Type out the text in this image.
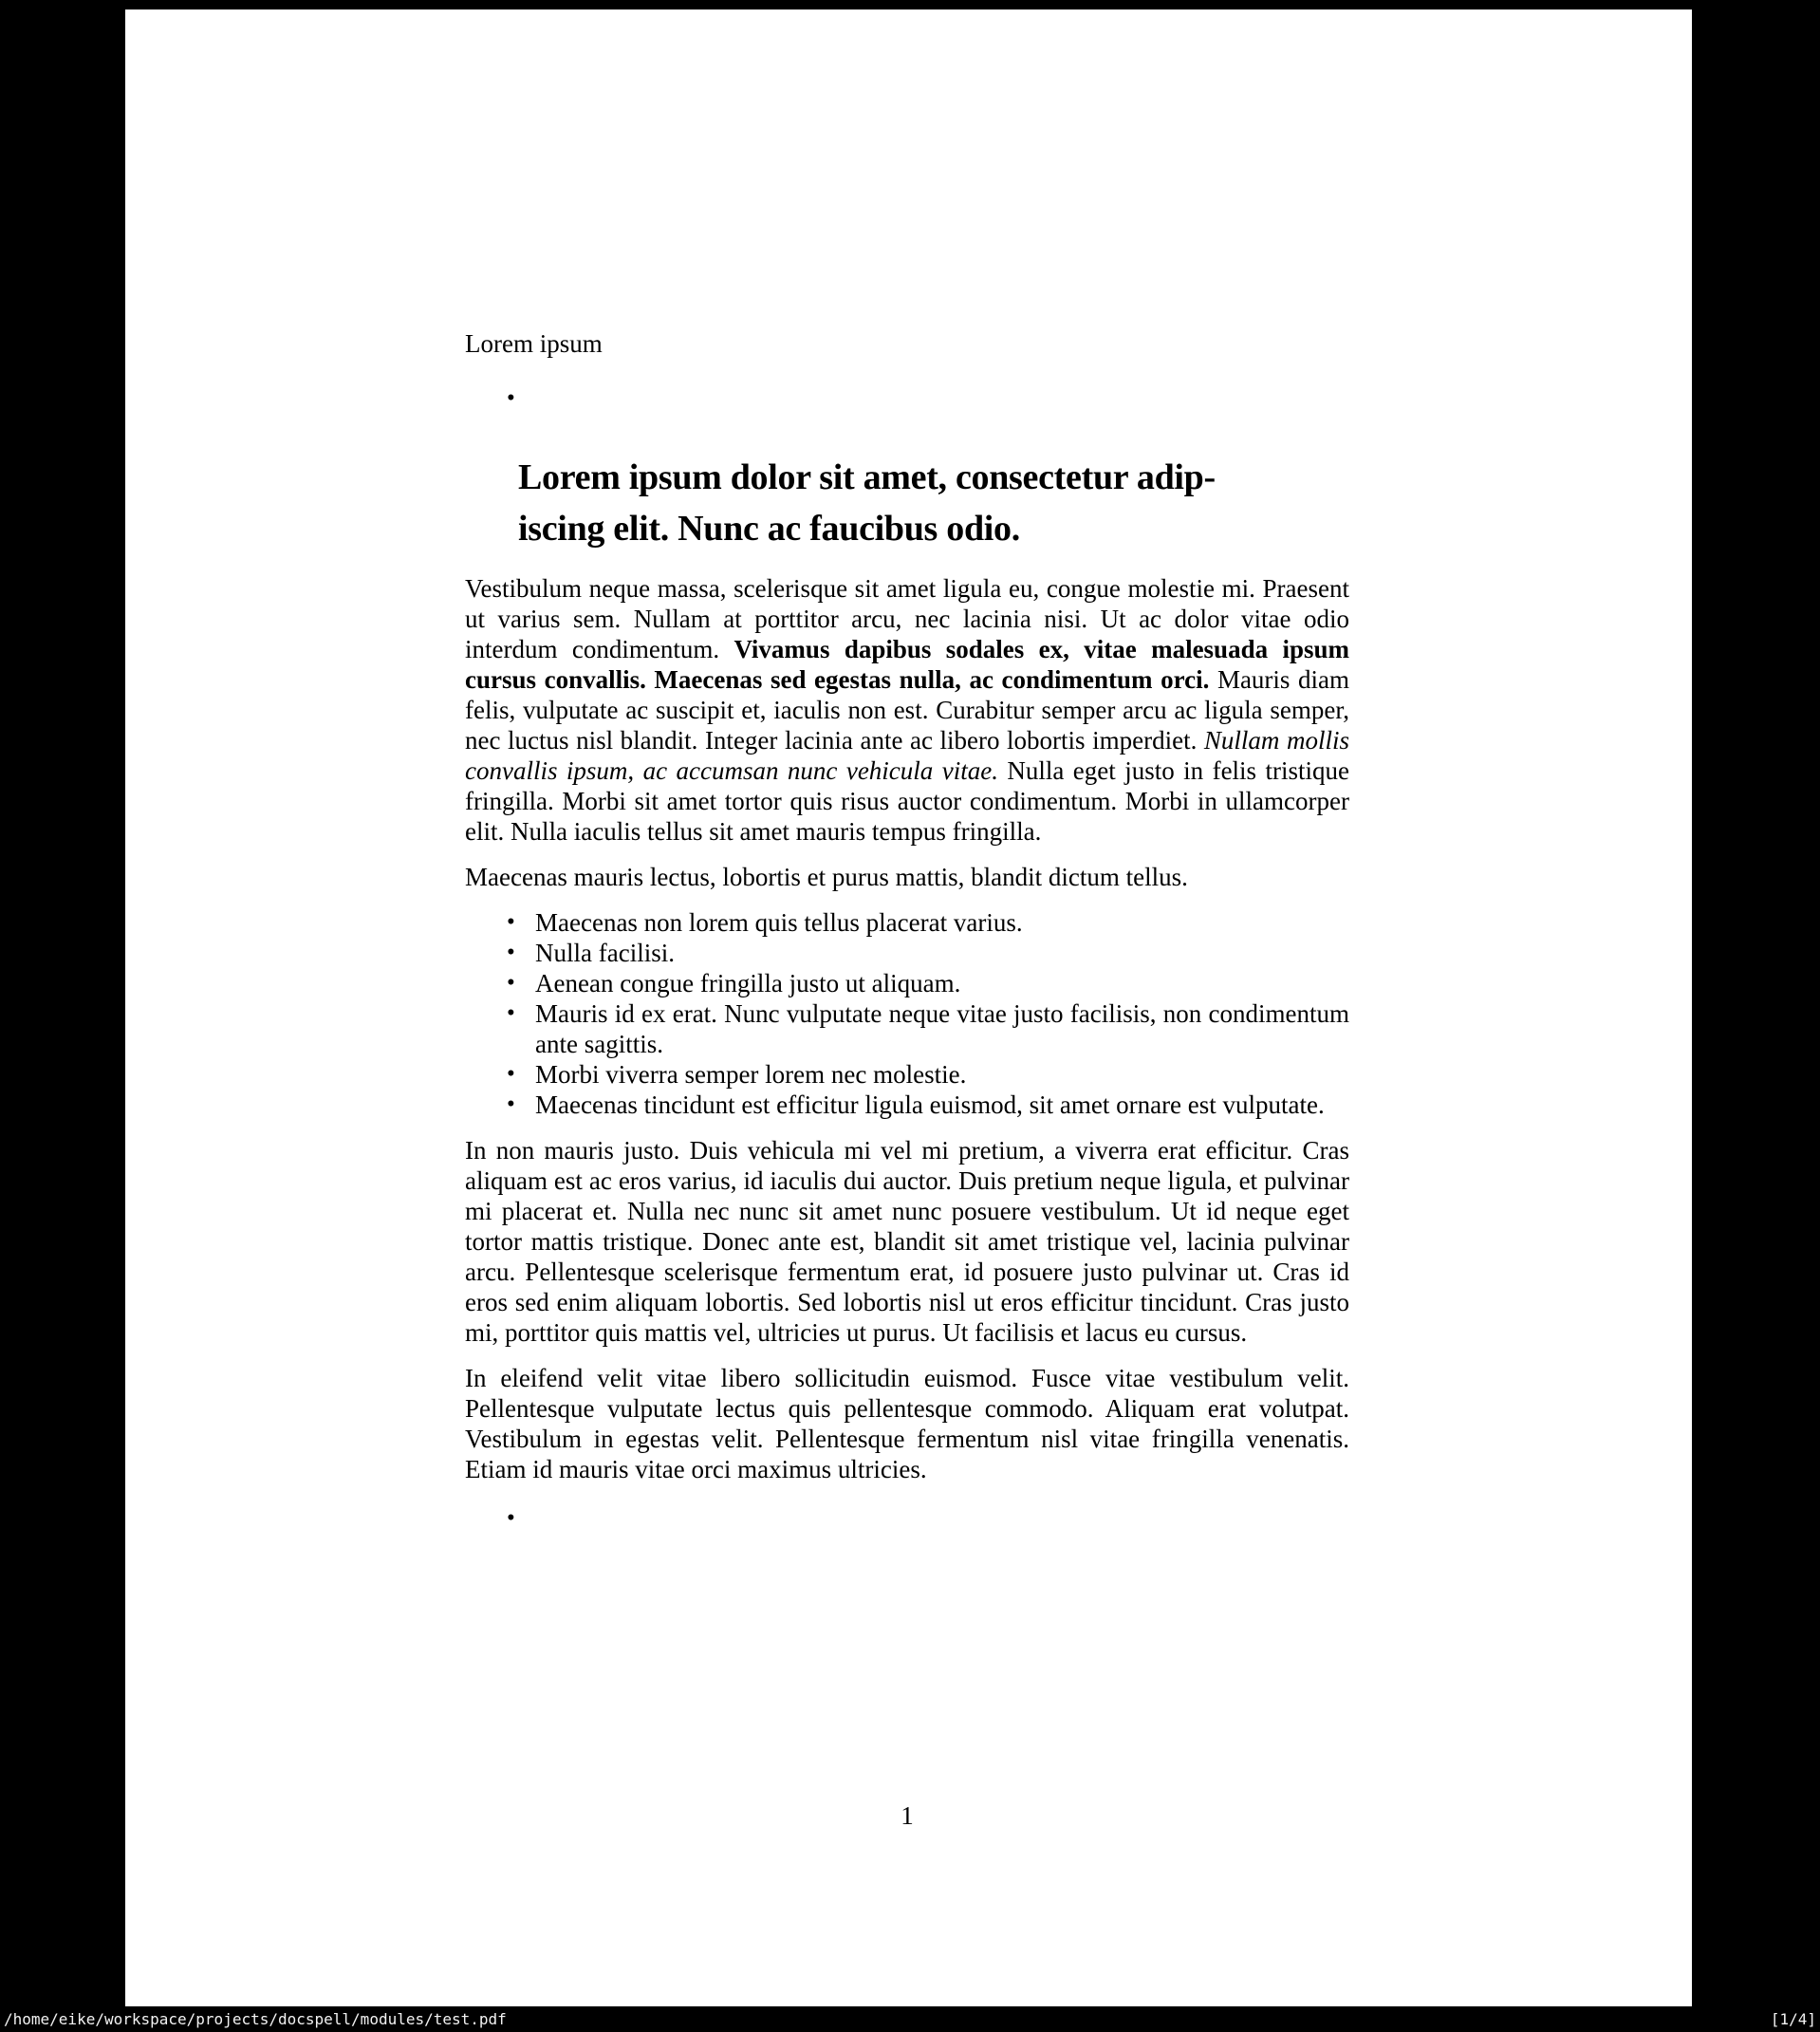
Lorem ipsum

•
Lorem ipsum dolor sit amet, consectetur adip-
iscing elit. Nunc ac faucibus odio.

Vestibulum neque massa, scelerisque sit amet ligula eu, congue molestie mi. Praesent ut varius sem. Nullam at porttitor arcu, nec lacinia nisi. Ut ac dolor vitae odio interdum condimentum. Vivamus dapibus sodales ex, vitae malesuada ipsum cursus convallis. Maecenas sed egestas nulla, ac condimentum orci. Mauris diam felis, vulputate ac suscipit et, iaculis non est. Curabitur semper arcu ac ligula semper, nec luctus nisl blandit. Integer lacinia ante ac libero lobortis imperdiet. Nullam mollis convallis ipsum, ac accumsan nunc vehicula vitae. Nulla eget justo in felis tristique fringilla. Morbi sit amet tortor quis risus auctor condimentum. Morbi in ullamcorper elit. Nulla iaculis tellus sit amet mauris tempus fringilla.

Maecenas mauris lectus, lobortis et purus mattis, blandit dictum tellus.

• Maecenas non lorem quis tellus placerat varius.
• Nulla facilisi.
• Aenean congue fringilla justo ut aliquam.
• Mauris id ex erat. Nunc vulputate neque vitae justo facilisis, non condimentum ante sagittis.
• Morbi viverra semper lorem nec molestie.
• Maecenas tincidunt est efficitur ligula euismod, sit amet ornare est vulputate.

In non mauris justo. Duis vehicula mi vel mi pretium, a viverra erat efficitur. Cras aliquam est ac eros varius, id iaculis dui auctor. Duis pretium neque ligula, et pulvinar mi placerat et. Nulla nec nunc sit amet nunc posuere vestibulum. Ut id neque eget tortor mattis tristique. Donec ante est, blandit sit amet tristique vel, lacinia pulvinar arcu. Pellentesque scelerisque fermentum erat, id posuere justo pulvinar ut. Cras id eros sed enim aliquam lobortis. Sed lobortis nisl ut eros efficitur tincidunt. Cras justo mi, porttitor quis mattis vel, ultricies ut purus. Ut facilisis et lacus eu cursus.

In eleifend velit vitae libero sollicitudin euismod. Fusce vitae vestibulum velit. Pellentesque vulputate lectus quis pellentesque commodo. Aliquam erat volutpat. Vestibulum in egestas velit. Pellentesque fermentum nisl vitae fringilla venenatis. Etiam id mauris vitae orci maximus ultricies.

•
1
/home/eike/workspace/projects/docspell/modules/test.pdf	[1/4]
